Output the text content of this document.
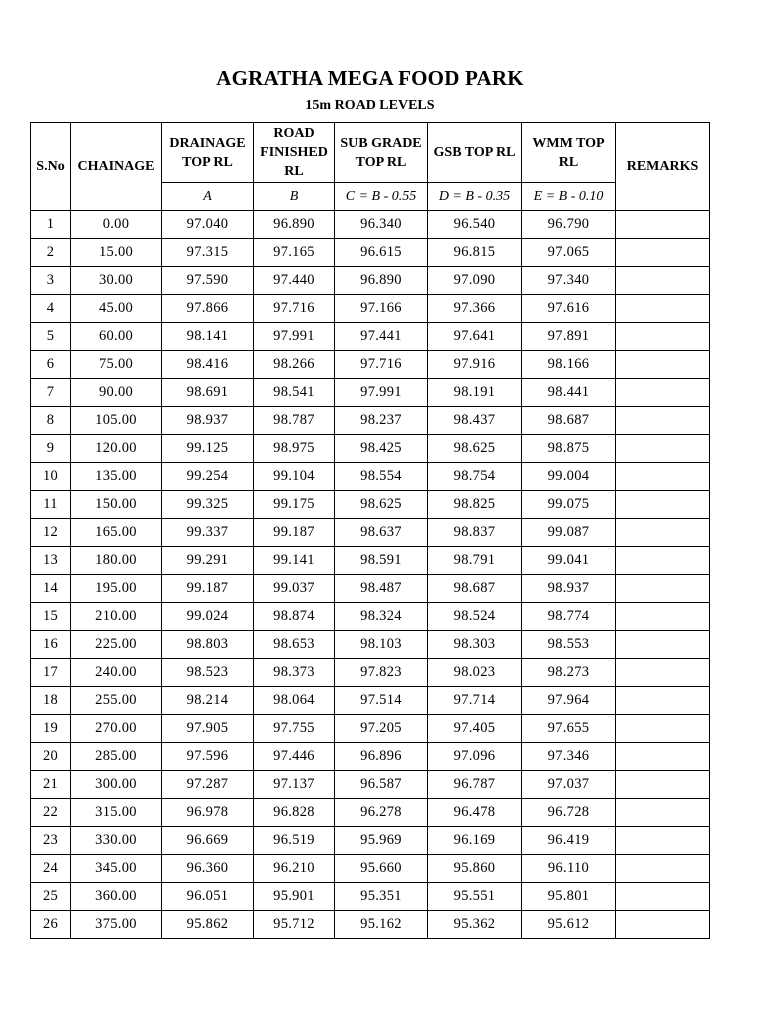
AGRATHA MEGA FOOD PARK
15m ROAD LEVELS
S.No	CHAINAGE	DRAINAGE TOP RL	ROAD FINISHED RL	SUB GRADE TOP RL	GSB TOP RL	WMM TOP RL	REMARKS
		A	B	C = B - 0.55	D = B - 0.35	E = B - 0.10	
1	0.00	97.040	96.890	96.340	96.540	96.790	
2	15.00	97.315	97.165	96.615	96.815	97.065	
3	30.00	97.590	97.440	96.890	97.090	97.340	
4	45.00	97.866	97.716	97.166	97.366	97.616	
5	60.00	98.141	97.991	97.441	97.641	97.891	
6	75.00	98.416	98.266	97.716	97.916	98.166	
7	90.00	98.691	98.541	97.991	98.191	98.441	
8	105.00	98.937	98.787	98.237	98.437	98.687	
9	120.00	99.125	98.975	98.425	98.625	98.875	
10	135.00	99.254	99.104	98.554	98.754	99.004	
11	150.00	99.325	99.175	98.625	98.825	99.075	
12	165.00	99.337	99.187	98.637	98.837	99.087	
13	180.00	99.291	99.141	98.591	98.791	99.041	
14	195.00	99.187	99.037	98.487	98.687	98.937	
15	210.00	99.024	98.874	98.324	98.524	98.774	
16	225.00	98.803	98.653	98.103	98.303	98.553	
17	240.00	98.523	98.373	97.823	98.023	98.273	
18	255.00	98.214	98.064	97.514	97.714	97.964	
19	270.00	97.905	97.755	97.205	97.405	97.655	
20	285.00	97.596	97.446	96.896	97.096	97.346	
21	300.00	97.287	97.137	96.587	96.787	97.037	
22	315.00	96.978	96.828	96.278	96.478	96.728	
23	330.00	96.669	96.519	95.969	96.169	96.419	
24	345.00	96.360	96.210	95.660	95.860	96.110	
25	360.00	96.051	95.901	95.351	95.551	95.801	
26	375.00	95.862	95.712	95.162	95.362	95.612	
